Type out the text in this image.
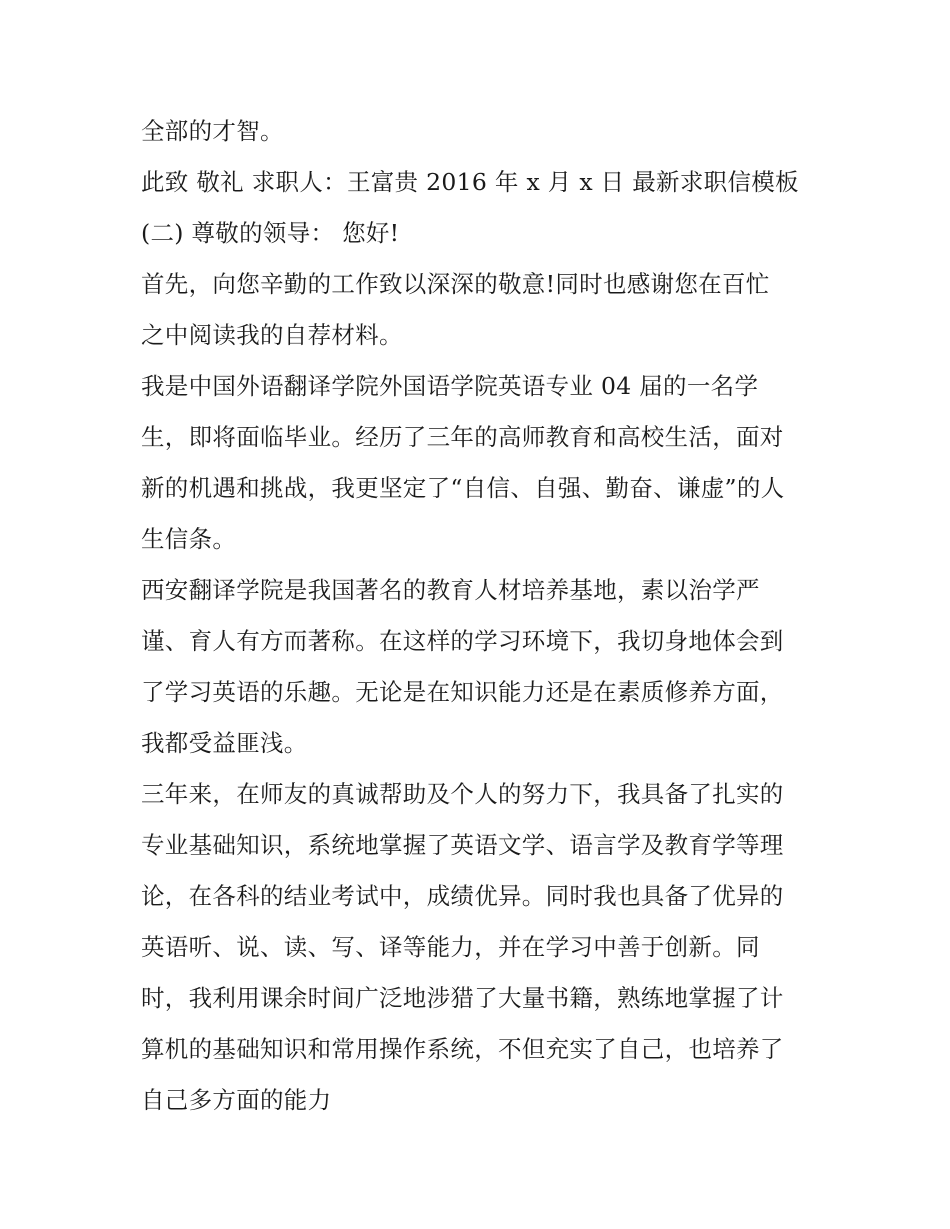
全部的才智。
此致 敬礼 求职人：王富贵 2016 年 x 月 x 日 最新求职信模板
(二) 尊敬的领导： 您好!
首先，向您辛勤的工作致以深深的敬意!同时也感谢您在百忙
之中阅读我的自荐材料。
我是中国外语翻译学院外国语学院英语专业 04 届的一名学
生，即将面临毕业。经历了三年的高师教育和高校生活，面对
新的机遇和挑战，我更坚定了“自信、自强、勤奋、谦虚”的人
生信条。
西安翻译学院是我国著名的教育人材培养基地，素以治学严
谨、育人有方而著称。在这样的学习环境下，我切身地体会到
了学习英语的乐趣。无论是在知识能力还是在素质修养方面，
我都受益匪浅。
三年来，在师友的真诚帮助及个人的努力下，我具备了扎实的
专业基础知识，系统地掌握了英语文学、语言学及教育学等理
论，在各科的结业考试中，成绩优异。同时我也具备了优异的
英语听、说、读、写、译等能力，并在学习中善于创新。同
时，我利用课余时间广泛地涉猎了大量书籍，熟练地掌握了计
算机的基础知识和常用操作系统，不但充实了自己，也培养了
自己多方面的能力
